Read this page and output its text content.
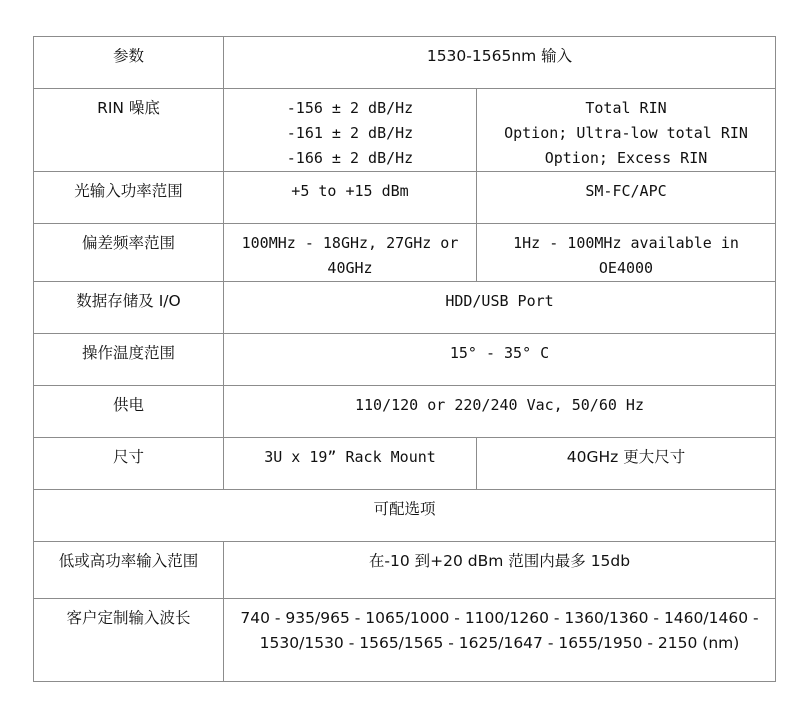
参数	1530-1565nm 输入	
RIN 噪底	-156 ± 2 dB/Hz
-161 ± 2 dB/Hz
-166 ± 2 dB/Hz	Total RIN
Option; Ultra-low total RIN
Option; Excess RIN

光输入功率范围	+5 to +15 dBm	SM-FC/APC
偏差频率范围	100MHz - 18GHz, 27GHz or 40GHz	1Hz - 100MHz available in OE4000
数据存储及 I/O	HDD/USB Port	
操作温度范围	15° - 35° C	
供电	110/120 or 220/240 Vac, 50/60 Hz	
尺寸	3U x 19” Rack Mount	40GHz 更大尺寸
可配选项		
低或高功率输入范围	在-10 到+20 dBm 范围内最多 15db	
客户定制输入波长	740 - 935/965 - 1065/1000 - 1100/1260 - 1360/1360 - 1460/1460 - 1530/1530 - 1565/1565 - 1625/1647 - 1655/1950 - 2150 (nm)	
